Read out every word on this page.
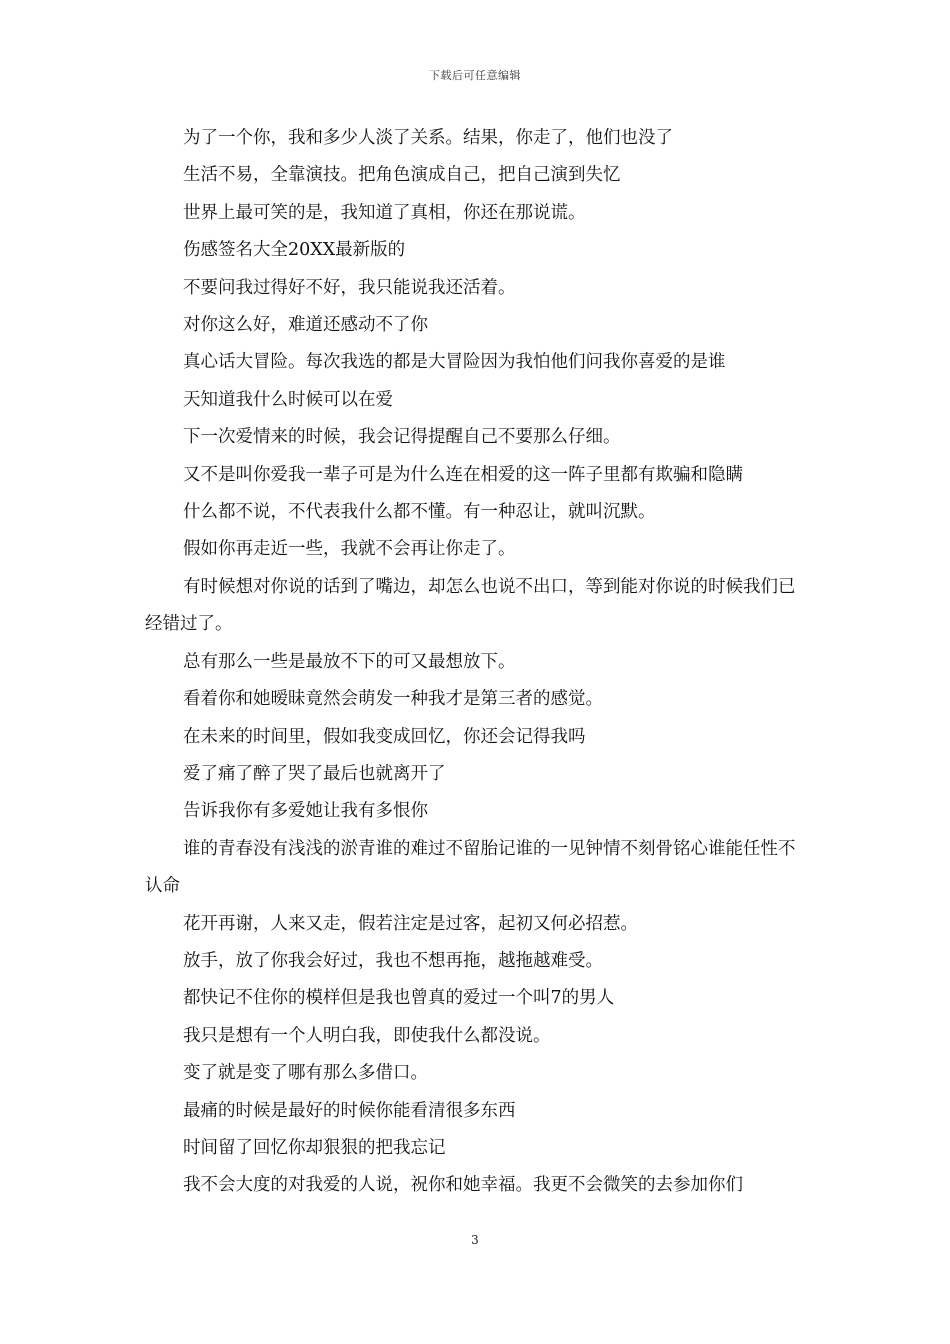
下载后可任意编辑

为了一个你，我和多少人淡了关系。结果，你走了，他们也没了

生活不易，全靠演技。把角色演成自己，把自己演到失忆

世界上最可笑的是，我知道了真相，你还在那说谎。

伤感签名大全20XX最新版的

不要问我过得好不好，我只能说我还活着。

对你这么好，难道还感动不了你

真心话大冒险。每次我选的都是大冒险因为我怕他们问我你喜爱的是谁

天知道我什么时候可以在爱

下一次爱情来的时候，我会记得提醒自己不要那么仔细。

又不是叫你爱我一辈子可是为什么连在相爱的这一阵子里都有欺骗和隐瞒

什么都不说，不代表我什么都不懂。有一种忍让，就叫沉默。

假如你再走近一些，我就不会再让你走了。

有时候想对你说的话到了嘴边，却怎么也说不出口，等到能对你说的时候我们已经错过了。

总有那么一些是最放不下的可又最想放下。

看着你和她暧昧竟然会萌发一种我才是第三者的感觉。

在未来的时间里，假如我变成回忆，你还会记得我吗

爱了痛了醉了哭了最后也就离开了

告诉我你有多爱她让我有多恨你

谁的青春没有浅浅的淤青谁的难过不留胎记谁的一见钟情不刻骨铭心谁能任性不认命

花开再谢，人来又走，假若注定是过客，起初又何必招惹。

放手，放了你我会好过，我也不想再拖，越拖越难受。

都快记不住你的模样但是我也曾真的爱过一个叫7的男人

我只是想有一个人明白我，即使我什么都没说。

变了就是变了哪有那么多借口。

最痛的时候是最好的时候你能看清很多东西

时间留了回忆你却狠狠的把我忘记

我不会大度的对我爱的人说，祝你和她幸福。我更不会微笑的去参加你们

3
